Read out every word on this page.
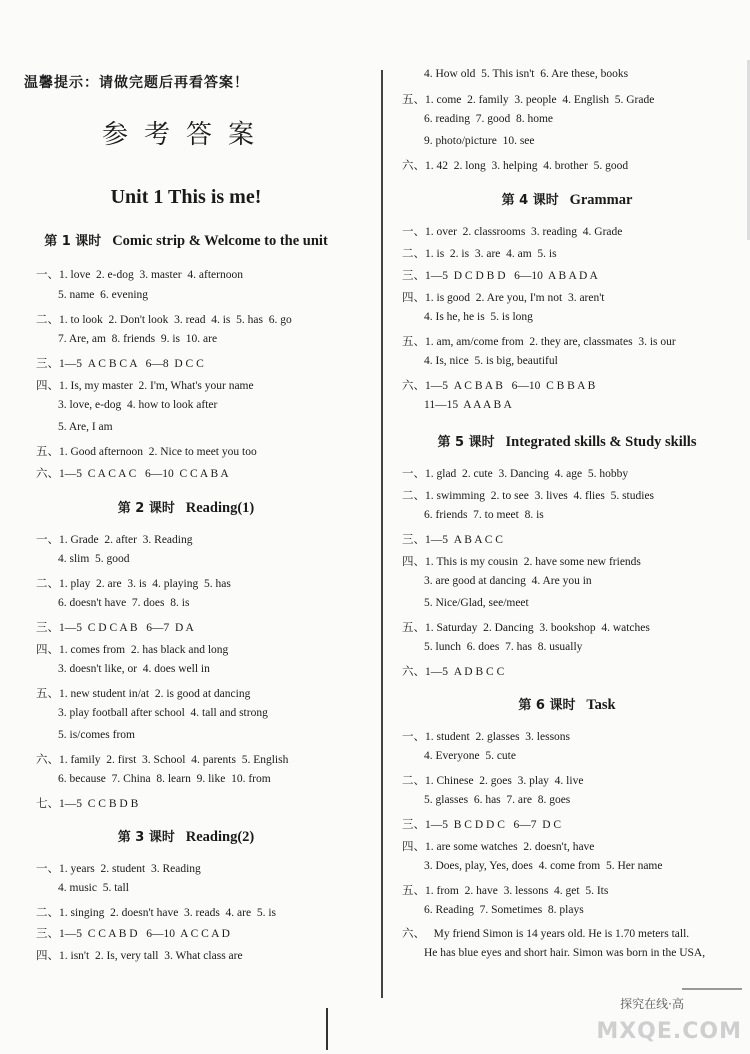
温馨提示：请做完题后再看答案！
参考答案
Unit 1 This is me!
第 1 课时 Comic strip & Welcome to the unit
一、1. love  2. e-dog  3. master  4. afternoon
5. name  6. evening
二、1. to look  2. Don't look  3. read  4. is  5. has  6. go
7. Are, am  8. friends  9. is  10. are
三、1—5  A C B C A   6—8  D C C
四、1. Is, my master  2. I'm, What's your name
3. love, e-dog  4. how to look after
5. Are, I am
五、1. Good afternoon  2. Nice to meet you too
六、1—5  C A C A C   6—10  C C A B A
第 2 课时 Reading(1)
一、1. Grade  2. after  3. Reading
4. slim  5. good
二、1. play  2. are  3. is  4. playing  5. has
6. doesn't have  7. does  8. is
三、1—5  C D C A B   6—7  D A
四、1. comes from  2. has black and long
3. doesn't like, or  4. does well in
五、1. new student in/at  2. is good at dancing
3. play football after school  4. tall and strong
5. is/comes from
六、1. family  2. first  3. School  4. parents  5. English
6. because  7. China  8. learn  9. like  10. from
七、1—5  C C B D B
第 3 课时 Reading(2)
一、1. years  2. student  3. Reading
4. music  5. tall
二、1. singing  2. doesn't have  3. reads  4. are  5. is
三、1—5  C C A B D   6—10  A C C A D
四、1. isn't  2. Is, very tall  3. What class are
4. How old  5. This isn't  6. Are these, books
五、1. come  2. family  3. people  4. English  5. Grade
6. reading  7. good  8. home
9. photo/picture  10. see
六、1. 42  2. long  3. helping  4. brother  5. good
第 4 课时 Grammar
一、1. over  2. classrooms  3. reading  4. Grade
二、1. is  2. is  3. are  4. am  5. is
三、1—5  D C D B D   6—10  A B A D A
四、1. is good  2. Are you, I'm not  3. aren't
4. Is he, he is  5. is long
五、1. am, am/come from  2. they are, classmates  3. is our
4. Is, nice  5. is big, beautiful
六、1—5  A C B A B   6—10  C B B A B
11—15  A A A B A
第 5 课时 Integrated skills & Study skills
一、1. glad  2. cute  3. Dancing  4. age  5. hobby
二、1. swimming  2. to see  3. lives  4. flies  5. studies
6. friends  7. to meet  8. is
三、1—5  A B A C C
四、1. This is my cousin  2. have some new friends
3. are good at dancing  4. Are you in
5. Nice/Glad, see/meet
五、1. Saturday  2. Dancing  3. bookshop  4. watches
5. lunch  6. does  7. has  8. usually
六、1—5  A D B C C
第 6 课时 Task
一、1. student  2. glasses  3. lessons
4. Everyone  5. cute
二、1. Chinese  2. goes  3. play  4. live
5. glasses  6. has  7. are  8. goes
三、1—5  B C D D C   6—7  D C
四、1. are some watches  2. doesn't, have
3. Does, play, Yes, does  4. come from  5. Her name
五、1. from  2. have  3. lessons  4. get  5. Its
6. Reading  7. Sometimes  8. plays
六、   My friend Simon is 14 years old. He is 1.70 meters tall.
He has blue eyes and short hair. Simon was born in the USA,
探究在线·高
MXQE.COM
